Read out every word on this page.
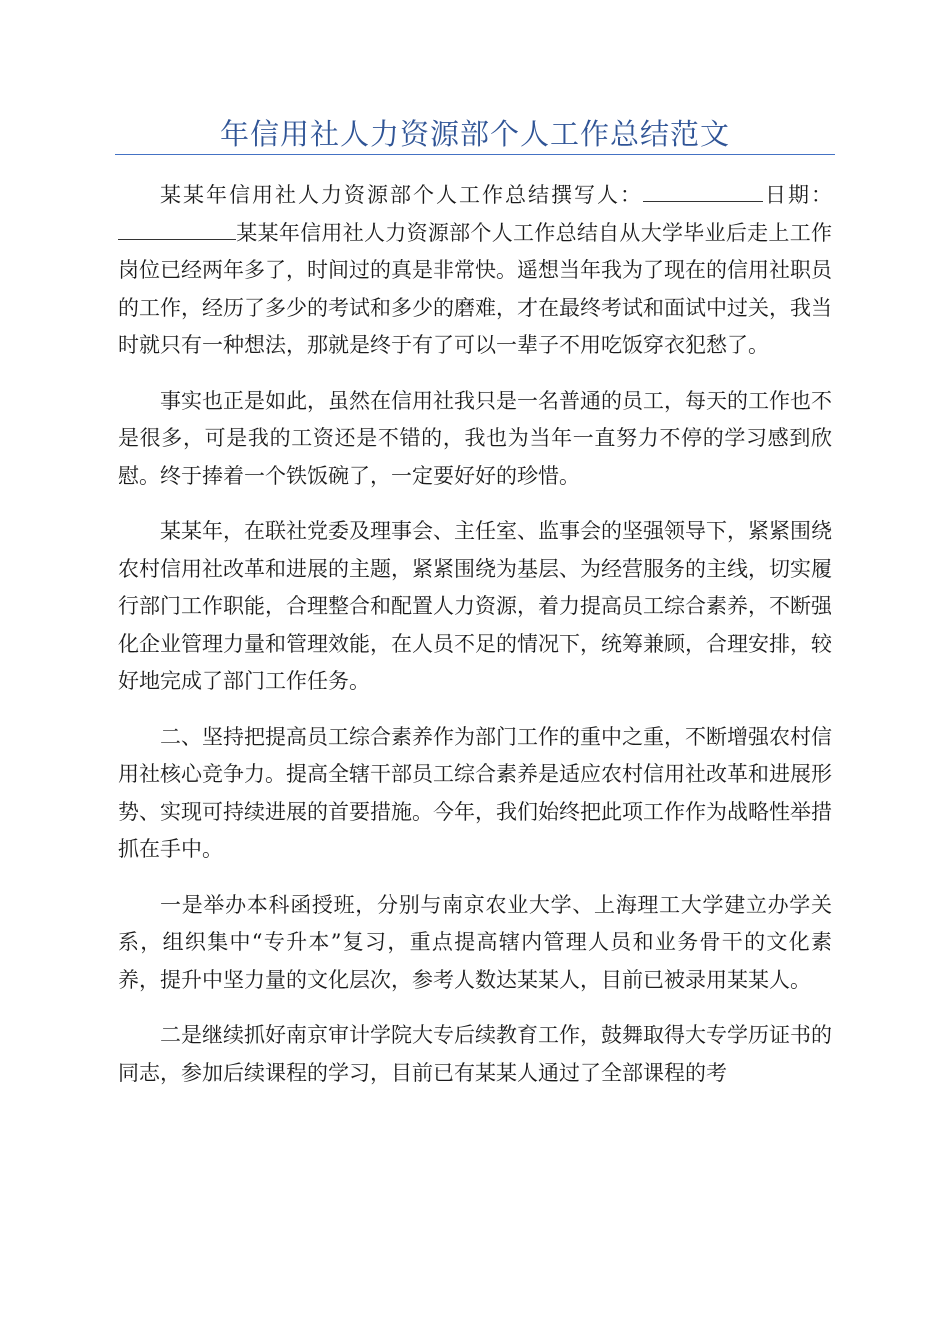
年信用社人力资源部个人工作总结范文

某某年信用社人力资源部个人工作总结撰写人：	日期：某某年信用社人力资源部个人工作总结自从大学毕业后走上工作岗位已经两年多了，时间过的真是非常快。遥想当年我为了现在的信用社职员的工作，经历了多少的考试和多少的磨难，才在最终考试和面试中过关，我当时就只有一种想法，那就是终于有了可以一辈子不用吃饭穿衣犯愁了。

事实也正是如此，虽然在信用社我只是一名普通的员工，每天的工作也不是很多，可是我的工资还是不错的，我也为当年一直努力不停的学习感到欣慰。终于捧着一个铁饭碗了，一定要好好的珍惜。

某某年，在联社党委及理事会、主任室、监事会的坚强领导下，紧紧围绕农村信用社改革和进展的主题，紧紧围绕为基层、为经营服务的主线，切实履行部门工作职能，合理整合和配置人力资源，着力提高员工综合素养，不断强化企业管理力量和管理效能，在人员不足的情况下，统筹兼顾，合理安排，较好地完成了部门工作任务。

二、坚持把提高员工综合素养作为部门工作的重中之重，不断增强农村信用社核心竞争力。提高全辖干部员工综合素养是适应农村信用社改革和进展形势、实现可持续进展的首要措施。今年，我们始终把此项工作作为战略性举措抓在手中。

一是举办本科函授班，分别与南京农业大学、上海理工大学建立办学关系，组织集中“专升本”复习，重点提高辖内管理人员和业务骨干的文化素养，提升中坚力量的文化层次，参考人数达某某人，目前已被录用某某人。

二是继续抓好南京审计学院大专后续教育工作，鼓舞取得大专学历证书的同志，参加后续课程的学习，目前已有某某人通过了全部课程的考
